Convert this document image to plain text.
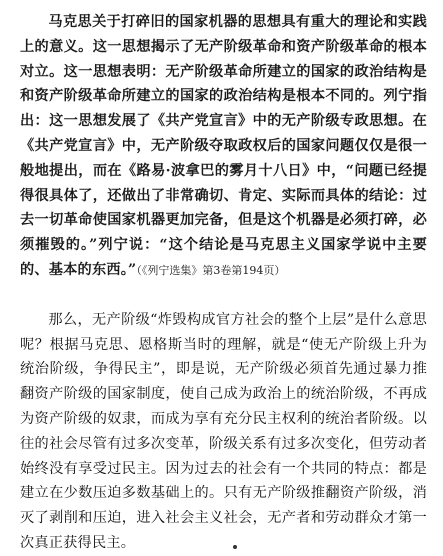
马克思关于打碎旧的国家机器的思想具有重大的理论和实践上的意义。这一思想揭示了无产阶级革命和资产阶级革命的根本对立。这一思想表明：无产阶级革命所建立的国家的政治结构是和资产阶级革命所建立的国家的政治结构是根本不同的。列宁指出：这一思想发展了《共产党宣言》中的无产阶级专政思想。在《共产党宣言》中，无产阶级夺取政权后的国家问题仅仅是很一般地提出，而在《路易·波拿巴的雾月十八日》中，“问题已经提得很具体了，还做出了非常确切、肯定、实际而具体的结论：过去一切革命使国家机器更加完备，但是这个机器是必须打碎，必须摧毁的。”列宁说：“这个结论是马克思主义国家学说中主要的、基本的东西。”（《列宁选集》第3卷第194页）

那么，无产阶级“炸毁构成官方社会的整个上层”是什么意思呢？根据马克思、恩格斯当时的理解，就是“使无产阶级上升为统治阶级，争得民主”，即是说，无产阶级必须首先通过暴力推翻资产阶级的国家制度，使自己成为政治上的统治阶级，不再成为资产阶级的奴隶，而成为享有充分民主权利的统治者阶级。以往的社会尽管有过多次变革，阶级关系有过多次变化，但劳动者始终没有享受过民主。因为过去的社会有一个共同的特点：都是建立在少数压迫多数基础上的。只有无产阶级推翻资产阶级，消灭了剥削和压迫，进入社会主义社会，无产者和劳动群众才第一次真正获得民主。
